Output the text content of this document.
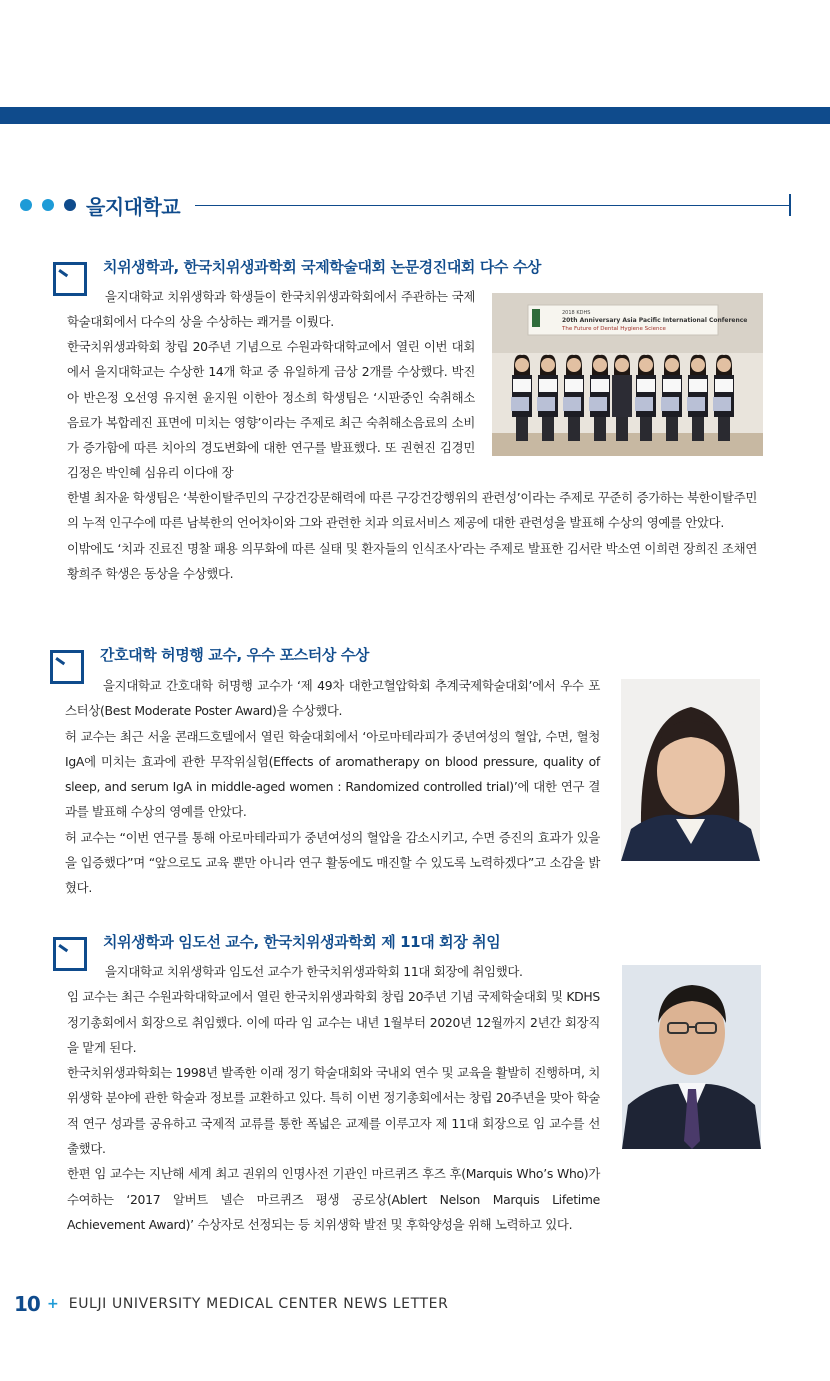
을지대학교
치위생학과, 한국치위생과학회 국제학술대회 논문경진대회 다수 수상

을지대학교 치위생학과 학생들이 한국치위생과학회에서 주관하는 국제학술대회에서 다수의 상을 수상하는 쾌거를 이뤘다.

한국치위생과학회 창립 20주년 기념으로 수원과학대학교에서 열린 이번 대회에서 을지대학교는 수상한 14개 학교 중 유일하게 금상 2개를 수상했다. 박진아 반은정 오선영 유지현 윤지원 이한아 정소희 학생팀은 ‘시판중인 숙취해소음료가 복합레진 표면에 미치는 영향’이라는 주제로 최근 숙취해소음료의 소비가 증가함에 따른 치아의 경도변화에 대한 연구를 발표했다. 또 권현진 김경민 김정은 박인혜 심유리 이다애 장

한별 최자윤 학생팀은 ‘북한이탈주민의 구강건강문해력에 따른 구강건강행위의 관련성’이라는 주제로 꾸준히 증가하는 북한이탈주민의 누적 인구수에 따른 남북한의 언어차이와 그와 관련한 치과 의료서비스 제공에 대한 관련성을 발표해 수상의 영예를 안았다.

이밖에도 ‘치과 진료진 명찰 패용 의무화에 따른 실태 및 환자들의 인식조사’라는 주제로 발표한 김서란 박소연 이희련 장희진 조채연 황희주 학생은 동상을 수상했다.

2018 KDHS
20th Anniversary Asia Pacific International Conference
The Future of Dental Hygiene Science
간호대학 허명행 교수, 우수 포스터상 수상

을지대학교 간호대학 허명행 교수가 ‘제 49차 대한고혈압학회 추계국제학술대회’에서 우수 포스터상(Best Moderate Poster Award)을 수상했다.

허 교수는 최근 서울 콘래드호텔에서 열린 학술대회에서 ‘아로마테라피가 중년여성의 혈압, 수면, 혈청 IgA에 미치는 효과에 관한 무작위실험(Effects of aromatherapy on blood pressure, quality of sleep, and serum IgA in middle-aged women : Randomized controlled trial)’에 대한 연구 결과를 발표해 수상의 영예를 안았다.

허 교수는 “이번 연구를 통해 아로마테라피가 중년여성의 혈압을 감소시키고, 수면 증진의 효과가 있을을 입증했다”며 “앞으로도 교육 뿐만 아니라 연구 활동에도 매진할 수 있도록 노력하겠다”고 소감을 밝혔다.

치위생학과 임도선 교수, 한국치위생과학회 제 11대 회장 취임

을지대학교 치위생학과 임도선 교수가 한국치위생과학회 11대 회장에 취임했다.

임 교수는 최근 수원과학대학교에서 열린 한국치위생과학회 창립 20주년 기념 국제학술대회 및 KDHS 정기총회에서 회장으로 취임했다. 이에 따라 임 교수는 내년 1월부터 2020년 12월까지 2년간 회장직을 맡게 된다.

한국치위생과학회는 1998년 발족한 이래 정기 학술대회와 국내외 연수 및 교육을 활발히 진행하며, 치위생학 분야에 관한 학술과 정보를 교환하고 있다. 특히 이번 정기총회에서는 창립 20주년을 맞아 학술적 연구 성과를 공유하고 국제적 교류를 통한 폭넓은 교제를 이루고자 제 11대 회장으로 임 교수를 선출했다.

한편 임 교수는 지난해 세계 최고 권위의 인명사전 기관인 마르퀴즈 후즈 후(Marquis Who’s Who)가 수여하는 ‘2017 알버트 넬슨 마르퀴즈 평생 공로상(Ablert Nelson Marquis Lifetime Achievement Award)’ 수상자로 선정되는 등 치위생학 발전 및 후학양성을 위해 노력하고 있다.

10 + EULJI UNIVERSITY MEDICAL CENTER NEWS LETTER
